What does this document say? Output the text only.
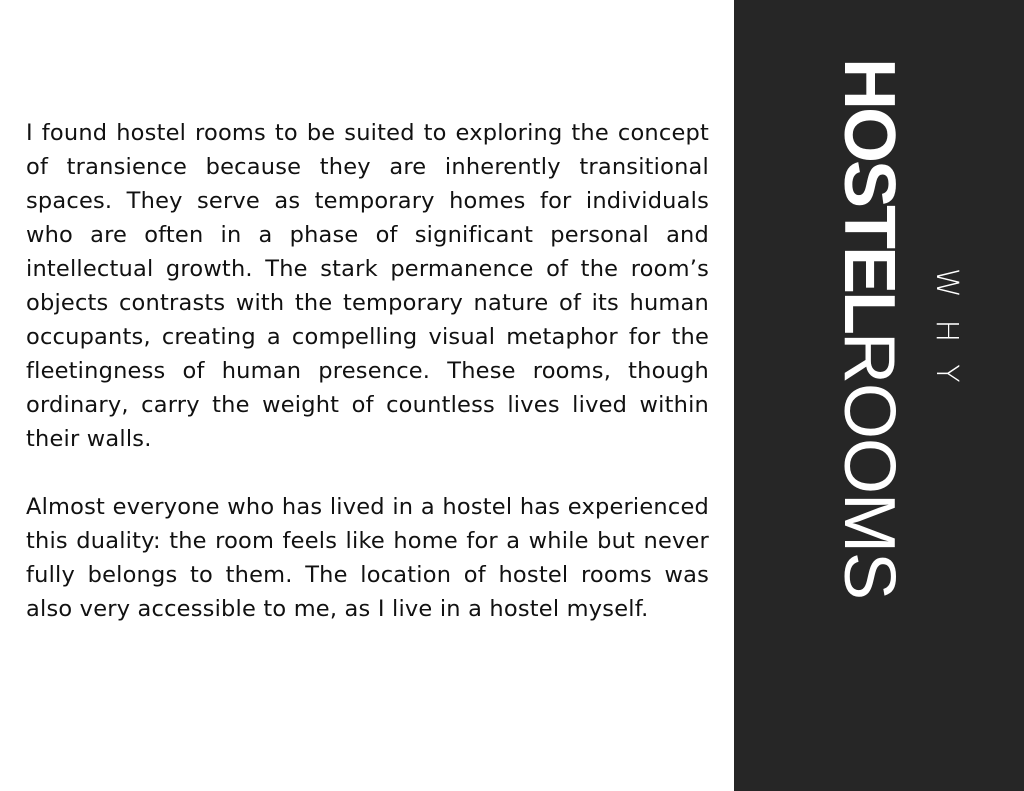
I found hostel rooms to be suited to exploring the concept of transience because they are inherently transitional spaces. They serve as temporary homes for individuals who are often in a phase of significant personal and intellectual growth. The stark permanence of the room’s objects contrasts with the temporary nature of its human occupants, creating a compelling visual metaphor for the fleetingness of human presence. These rooms, though ordinary, carry the weight of countless lives lived within their walls.

Almost everyone who has lived in a hostel has experienced this duality: the room feels like home for a while but never fully belongs to them. The location of hostel rooms was also very accessible to me, as I live in a hostel myself.

HOSTELROOMS WHY
